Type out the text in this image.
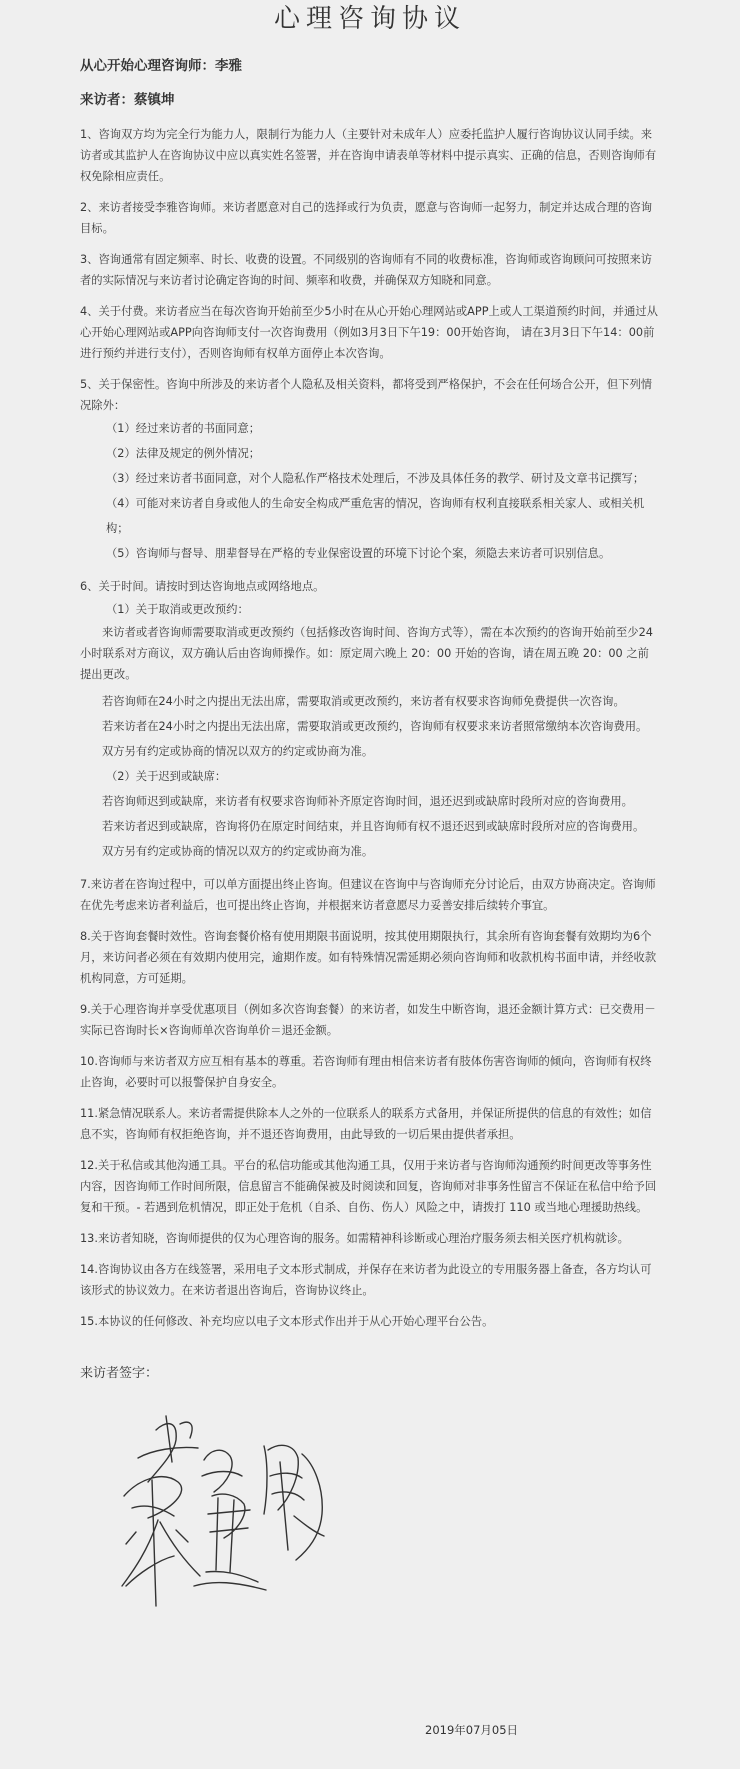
心理咨询协议
从心开始心理咨询师：李雅
来访者：蔡镇坤

1、咨询双方均为完全行为能力人，限制行为能力人（主要针对未成年人）应委托监护人履行咨询协议认同手续。来访者或其监护人在咨询协议中应以真实姓名签署，并在咨询申请表单等材料中提示真实、正确的信息，否则咨询师有权免除相应责任。

2、来访者接受李雅咨询师。来访者愿意对自己的选择或行为负责，愿意与咨询师一起努力，制定并达成合理的咨询目标。

3、咨询通常有固定频率、时长、收费的设置。不同级别的咨询师有不同的收费标准，咨询师或咨询顾问可按照来访者的实际情况与来访者讨论确定咨询的时间、频率和收费，并确保双方知晓和同意。

4、关于付费。来访者应当在每次咨询开始前至少5小时在从心开始心理网站或APP上或人工渠道预约时间，并通过从心开始心理网站或APP向咨询师支付一次咨询费用（例如3月3日下午19：00开始咨询， 请在3月3日下午14：00前进行预约并进行支付），否则咨询师有权单方面停止本次咨询。

5、关于保密性。咨询中所涉及的来访者个人隐私及相关资料，都将受到严格保护，不会在任何场合公开，但下列情况除外：

（1）经过来访者的书面同意；

（2）法律及规定的例外情况；

（3）经过来访者书面同意，对个人隐私作严格技术处理后，不涉及具体任务的教学、研讨及文章书记撰写；

（4）可能对来访者自身或他人的生命安全构成严重危害的情况，咨询师有权利直接联系相关家人、或相关机构；

（5）咨询师与督导、朋辈督导在严格的专业保密设置的环境下讨论个案，须隐去来访者可识别信息。

6、关于时间。请按时到达咨询地点或网络地点。

（1）关于取消或更改预约：

来访者或者咨询师需要取消或更改预约（包括修改咨询时间、咨询方式等），需在本次预约的咨询开始前至少24小时联系对方商议，双方确认后由咨询师操作。如：原定周六晚上 20：00 开始的咨询，请在周五晚 20：00 之前提出更改。

若咨询师在24小时之内提出无法出席，需要取消或更改预约，来访者有权要求咨询师免费提供一次咨询。

若来访者在24小时之内提出无法出席，需要取消或更改预约，咨询师有权要求来访者照常缴纳本次咨询费用。

双方另有约定或协商的情况以双方的约定或协商为准。

（2）关于迟到或缺席：

若咨询师迟到或缺席，来访者有权要求咨询师补齐原定咨询时间，退还迟到或缺席时段所对应的咨询费用。

若来访者迟到或缺席，咨询将仍在原定时间结束，并且咨询师有权不退还迟到或缺席时段所对应的咨询费用。

双方另有约定或协商的情况以双方的约定或协商为准。

7.来访者在咨询过程中，可以单方面提出终止咨询。但建议在咨询中与咨询师充分讨论后，由双方协商决定。咨询师在优先考虑来访者利益后，也可提出终止咨询，并根据来访者意愿尽力妥善安排后续转介事宜。

8.关于咨询套餐时效性。咨询套餐价格有使用期限书面说明，按其使用期限执行，其余所有咨询套餐有效期均为6个月，来访问者必须在有效期内使用完，逾期作废。如有特殊情况需延期必须向咨询师和收款机构书面申请，并经收款机构同意，方可延期。

9.关于心理咨询并享受优惠项目（例如多次咨询套餐）的来访者，如发生中断咨询，退还金额计算方式：已交费用－实际已咨询时长×咨询师单次咨询单价＝退还金额。

10.咨询师与来访者双方应互相有基本的尊重。若咨询师有理由相信来访者有肢体伤害咨询师的倾向，咨询师有权终止咨询，必要时可以报警保护自身安全。

11.紧急情况联系人。来访者需提供除本人之外的一位联系人的联系方式备用，并保证所提供的信息的有效性；如信息不实，咨询师有权拒绝咨询，并不退还咨询费用，由此导致的一切后果由提供者承担。

12.关于私信或其他沟通工具。平台的私信功能或其他沟通工具，仅用于来访者与咨询师沟通预约时间更改等事务性内容，因咨询师工作时间所限，信息留言不能确保被及时阅读和回复，咨询师对非事务性留言不保证在私信中给予回复和干预。- 若遇到危机情况，即正处于危机（自杀、自伤、伤人）风险之中，请拨打 110 或当地心理援助热线。

13.来访者知晓，咨询师提供的仅为心理咨询的服务。如需精神科诊断或心理治疗服务须去相关医疗机构就诊。

14.咨询协议由各方在线签署，采用电子文本形式制成，并保存在来访者为此设立的专用服务器上备查，各方均认可该形式的协议效力。在来访者退出咨询后，咨询协议终止。

15.本协议的任何修改、补充均应以电子文本形式作出并于从心开始心理平台公告。

来访者签字：
2019年07月05日
